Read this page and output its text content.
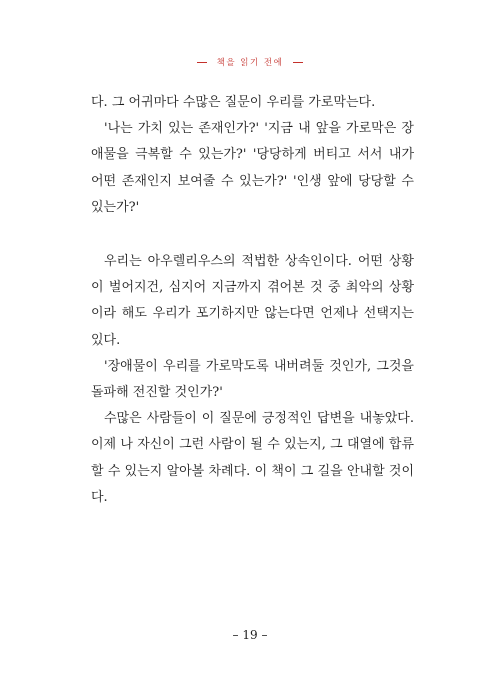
책을 읽기 전에

다. 그 어귀마다 수많은 질문이 우리를 가로막는다.

'나는 가치 있는 존재인가?' '지금 내 앞을 가로막은 장애물을 극복할 수 있는가?' '당당하게 버티고 서서 내가 어떤 존재인지 보여줄 수 있는가?' '인생 앞에 당당할 수 있는가?'

우리는 아우렐리우스의 적법한 상속인이다. 어떤 상황이 벌어지건, 심지어 지금까지 겪어본 것 중 최악의 상황이라 해도 우리가 포기하지만 않는다면 언제나 선택지는 있다.

'장애물이 우리를 가로막도록 내버려둘 것인가, 그것을 돌파해 전진할 것인가?'

수많은 사람들이 이 질문에 긍정적인 답변을 내놓았다. 이제 나 자신이 그런 사람이 될 수 있는지, 그 대열에 합류할 수 있는지 알아볼 차례다. 이 책이 그 길을 안내할 것이다.

– 19 –
